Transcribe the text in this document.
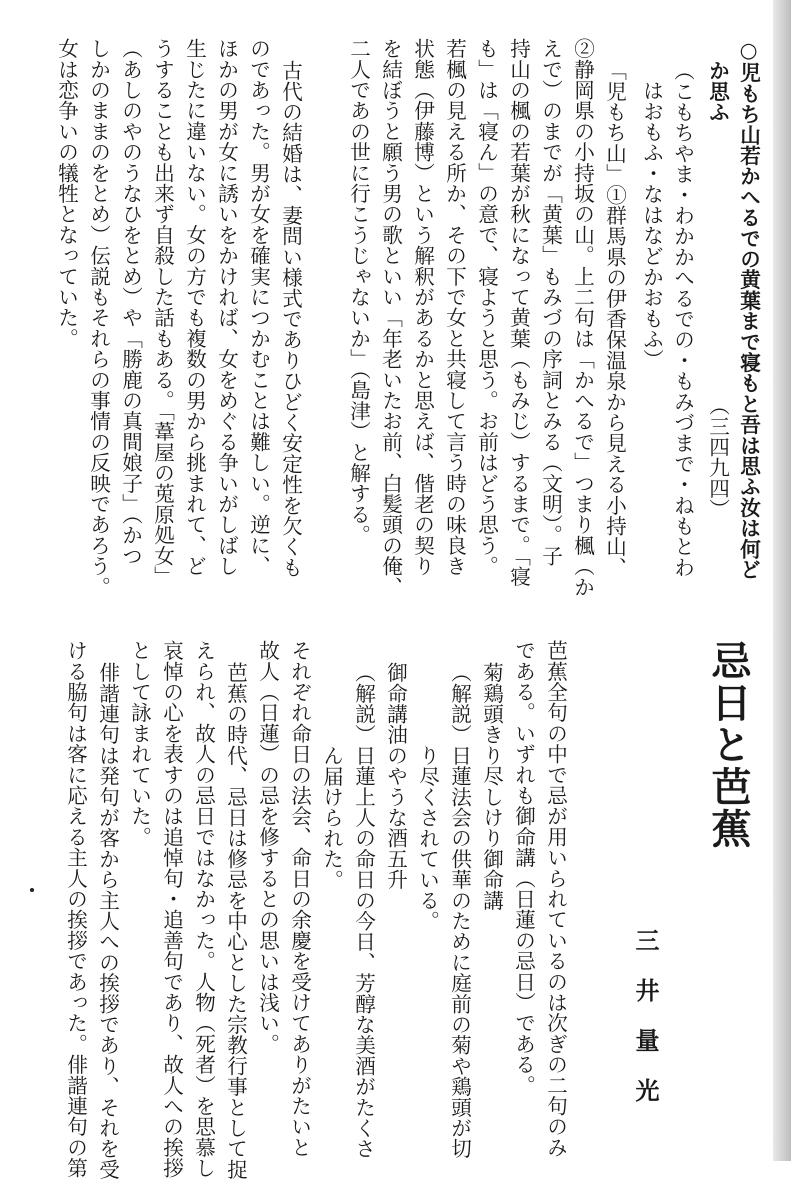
○児もち山若かへるでの黄葉まで寝もと吾は思ふ汝は何ど

か思ふ

（三四九四）

（こもちやま・わかかへるでの・もみづまで・ねもとわ

はおもふ・なはなどかおもふ）

「児もち山」①群馬県の伊香保温泉から見える小持山、

②静岡県の小持坂の山。上二句は「かへるで」つまり楓（か

えで）のまでが「黄葉」もみづの序詞とみる（文明）。子

持山の楓の若葉が秋になって黄葉（もみじ）するまで。「寝

も」は「寝ん」の意で、寝ようと思う。お前はどう思う。

若楓の見える所か、その下で女と共寝して言う時の味良き

状態（伊藤博）という解釈があるかと思えば、偕老の契り

を結ぼうと願う男の歌といい「年老いたお前、白髪頭の俺、

二人であの世に行こうじゃないか」（島津）と解する。

古代の結婚は、妻問い様式でありひどく安定性を欠くも

のであった。男が女を確実につかむことは難しい。逆に、

ほかの男が女に誘いをかければ、女をめぐる争いがしばし

生じたに違いない。女の方でも複数の男から挑まれて、ど

うすることも出来ず自殺した話もある。「葦屋の莵原処女」

（あしのやのうなひをとめ）や「勝鹿の真間娘子」（かつ

しかのままのをとめ）伝説もそれらの事情の反映であろう。

女は恋争いの犠牲となっていた。

忌日と芭蕉

三井量光

芭蕉全句の中で忌が用いられているのは次ぎの二句のみ

である。いずれも御命講（日蓮の忌日）である。

菊鶏頭きり尽しけり御命講

（解説）日蓮法会の供華のために庭前の菊や鶏頭が切

り尽くされている。

御命講油のやうな酒五升

（解説）日蓮上人の命日の今日、芳醇な美酒がたくさ

ん届けられた。

それぞれ命日の法会、命日の余慶を受けてありがたいと

故人（日蓮）の忌を修するとの思いは浅い。

芭蕉の時代、忌日は修忌を中心とした宗教行事として捉

えられ、故人の忌日ではなかった。人物（死者）を思慕し

哀悼の心を表すのは追悼句・追善句であり、故人への挨拶

として詠まれていた。

俳諧連句は発句が客から主人への挨拶であり、それを受

ける脇句は客に応える主人の挨拶であった。俳諧連句の第
